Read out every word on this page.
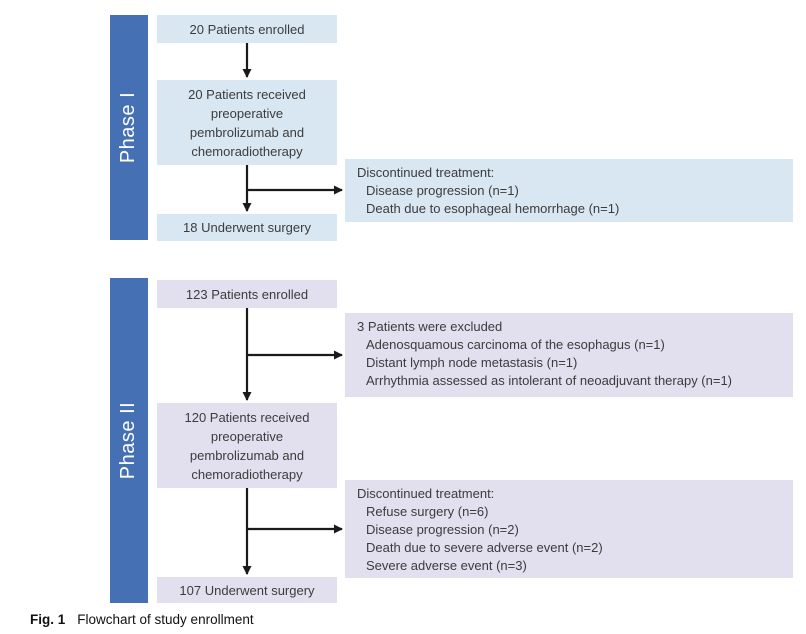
Phase I
20 Patients enrolled
20 Patients received preoperative pembrolizumab and chemoradiotherapy
Discontinued treatment:
Disease progression (n=1)
Death due to esophageal hemorrhage (n=1)
18 Underwent surgery
Phase II
123 Patients enrolled
3 Patients were excluded
Adenosquamous carcinoma of the esophagus (n=1)
Distant lymph node metastasis (n=1)
Arrhythmia assessed as intolerant of neoadjuvant therapy (n=1)
120 Patients received preoperative pembrolizumab and chemoradiotherapy
Discontinued treatment:
Refuse surgery (n=6)
Disease progression (n=2)
Death due to severe adverse event (n=2)
Severe adverse event (n=3)
107 Underwent surgery
Fig. 1 Flowchart of study enrollment
